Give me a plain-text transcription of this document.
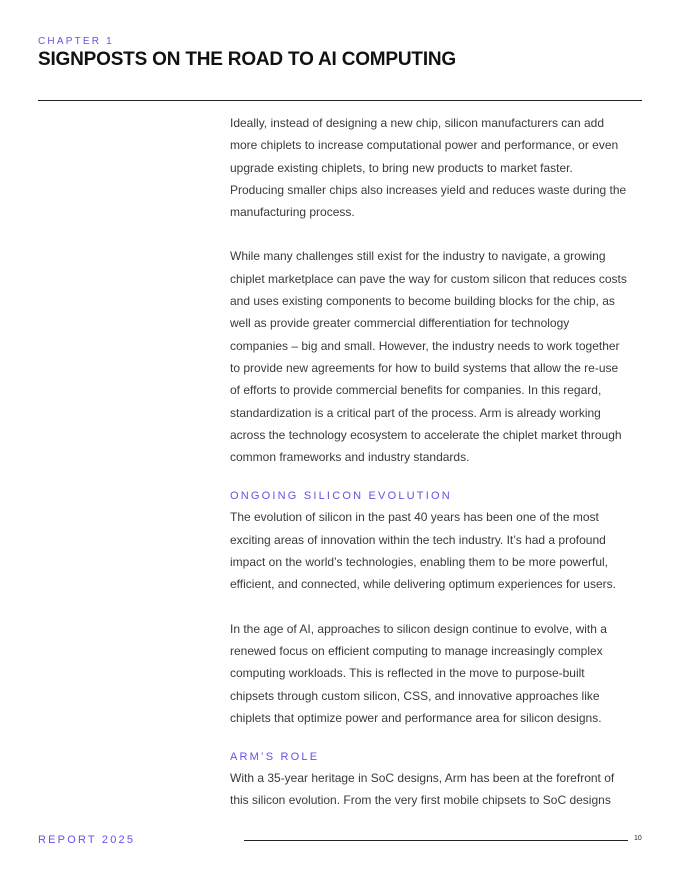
CHAPTER 1
SIGNPOSTS ON THE ROAD TO AI COMPUTING

Ideally, instead of designing a new chip, silicon manufacturers can add more chiplets to increase computational power and performance, or even upgrade existing chiplets, to bring new products to market faster. Producing smaller chips also increases yield and reduces waste during the manufacturing process.

While many challenges still exist for the industry to navigate, a growing chiplet marketplace can pave the way for custom silicon that reduces costs and uses existing components to become building blocks for the chip, as well as provide greater commercial differentiation for technology companies – big and small. However, the industry needs to work together to provide new agreements for how to build systems that allow the re-use of efforts to provide commercial benefits for companies. In this regard, standardization is a critical part of the process. Arm is already working across the technology ecosystem to accelerate the chiplet market through common frameworks and industry standards.

ONGOING SILICON EVOLUTION

The evolution of silicon in the past 40 years has been one of the most exciting areas of innovation within the tech industry. It’s had a profound impact on the world’s technologies, enabling them to be more powerful, efficient, and connected, while delivering optimum experiences for users.

In the age of AI, approaches to silicon design continue to evolve, with a renewed focus on efficient computing to manage increasingly complex computing workloads. This is reflected in the move to purpose-built chipsets through custom silicon, CSS, and innovative approaches like chiplets that optimize power and performance area for silicon designs.

ARM’S ROLE

With a 35-year heritage in SoC designs, Arm has been at the forefront of this silicon evolution. From the very first mobile chipsets to SoC designs

REPORT 2025	10
